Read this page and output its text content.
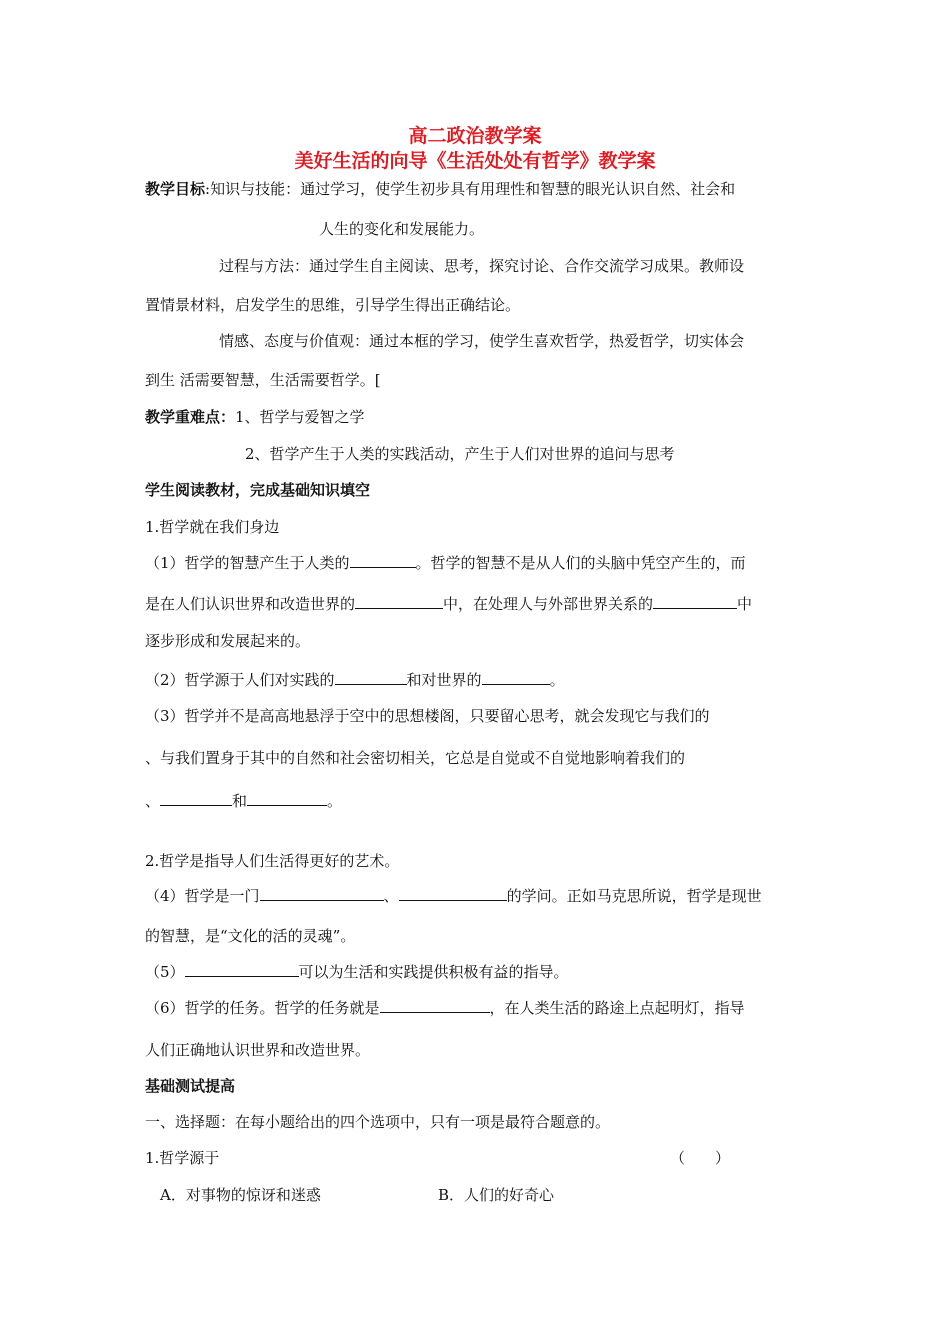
高二政治教学案
美好生活的向导《生活处处有哲学》教学案
教学目标:知识与技能：通过学习，使学生初步具有用理性和智慧的眼光认识自然、社会和
人生的变化和发展能力。
过程与方法：通过学生自主阅读、思考，探究讨论、合作交流学习成果。教师设
置情景材料，启发学生的思维，引导学生得出正确结论。
情感、态度与价值观：通过本框的学习，使学生喜欢哲学，热爱哲学，切实体会
到生 活需要智慧，生活需要哲学。[
教学重难点：1、哲学与爱智之学
2、哲学产生于人类的实践活动，产生于人们对世界的追问与思考
学生阅读教材，完成基础知识填空
1.哲学就在我们身边
（1）哲学的智慧产生于人类的	。哲学的智慧不是从人们的头脑中凭空产生的，而
是在人们认识世界和改造世界的	中，在处理人与外部世界关系的	中
逐步形成和发展起来的。
（2）哲学源于人们对实践的	和对世界的	。
（3）哲学并不是高高地悬浮于空中的思想楼阁，只要留心思考，就会发现它与我们的
、与我们置身于其中的自然和社会密切相关，它总是自觉或不自觉地影响着我们的
、	和	。
2.哲学是指导人们生活得更好的艺术。
（4）哲学是一门	、	的学问。正如马克思所说，哲学是现世
的智慧，是“文化的活的灵魂”。
（5）	可以为生活和实践提供积极有益的指导。
（6）哲学的任务。哲学的任务就是	，在人类生活的路途上点起明灯，指导
人们正确地认识世界和改造世界。
基础测试提高
一、选择题：在每小题给出的四个选项中，只有一项是最符合题意的。
1.哲学源于	（　　）
A．对事物的惊讶和迷惑	B．人们的好奇心
